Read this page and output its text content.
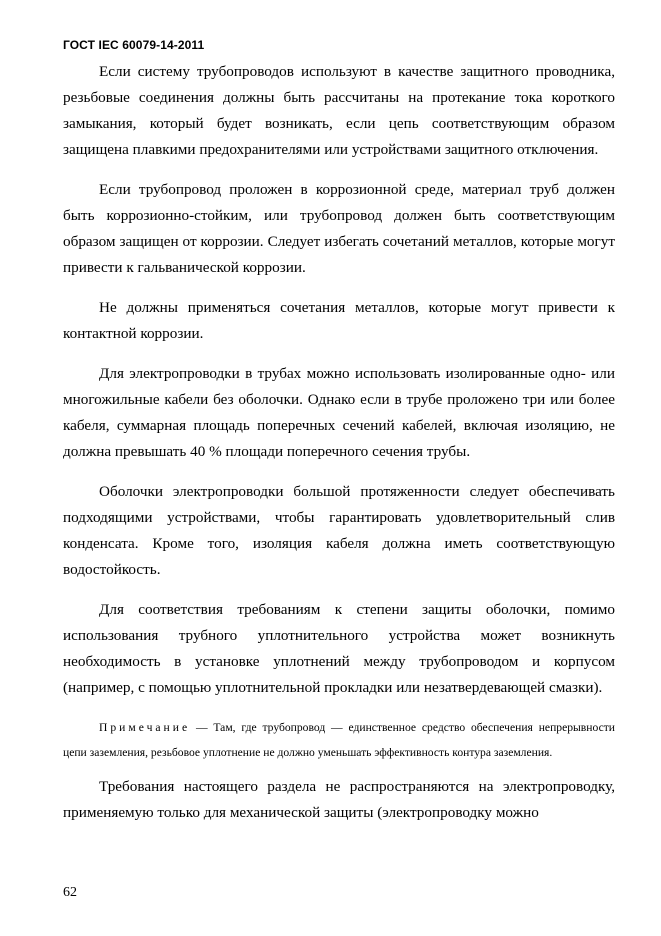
ГОСТ IEC 60079-14-2011

Если систему трубопроводов используют в качестве защитного проводника, резьбовые соединения должны быть рассчитаны на протекание тока короткого замыкания, который будет возникать, если цепь соответствующим образом защищена плавкими предохранителями или устройствами защитного отключения.

Если трубопровод проложен в коррозионной среде, материал труб должен быть коррозионно-стойким, или трубопровод должен быть соответствующим образом защищен от коррозии. Следует избегать сочетаний металлов, которые могут привести к гальванической коррозии.

Не должны применяться сочетания металлов, которые могут привести к контактной коррозии.

Для электропроводки в трубах можно использовать изолированные одно- или многожильные кабели без оболочки. Однако если в трубе проложено три или более кабеля, суммарная площадь поперечных сечений кабелей, включая изоляцию, не должна превышать 40 % площади поперечного сечения трубы.

Оболочки электропроводки большой протяженности следует обеспечивать подходящими устройствами, чтобы гарантировать удовлетворительный слив конденсата. Кроме того, изоляция кабеля должна иметь соответствующую водостойкость.

Для соответствия требованиям к степени защиты оболочки, помимо использования трубного уплотнительного устройства может возникнуть необходимость в установке уплотнений между трубопроводом и корпусом (например, с помощью уплотнительной прокладки или незатвердевающей смазки).

Примечание — Там, где трубопровод — единственное средство обеспечения непрерывности цепи заземления, резьбовое уплотнение не должно уменьшать эффективность контура заземления.

Требования настоящего раздела не распространяются на электропроводку, применяемую только для механической защиты (электропроводку можно

62
